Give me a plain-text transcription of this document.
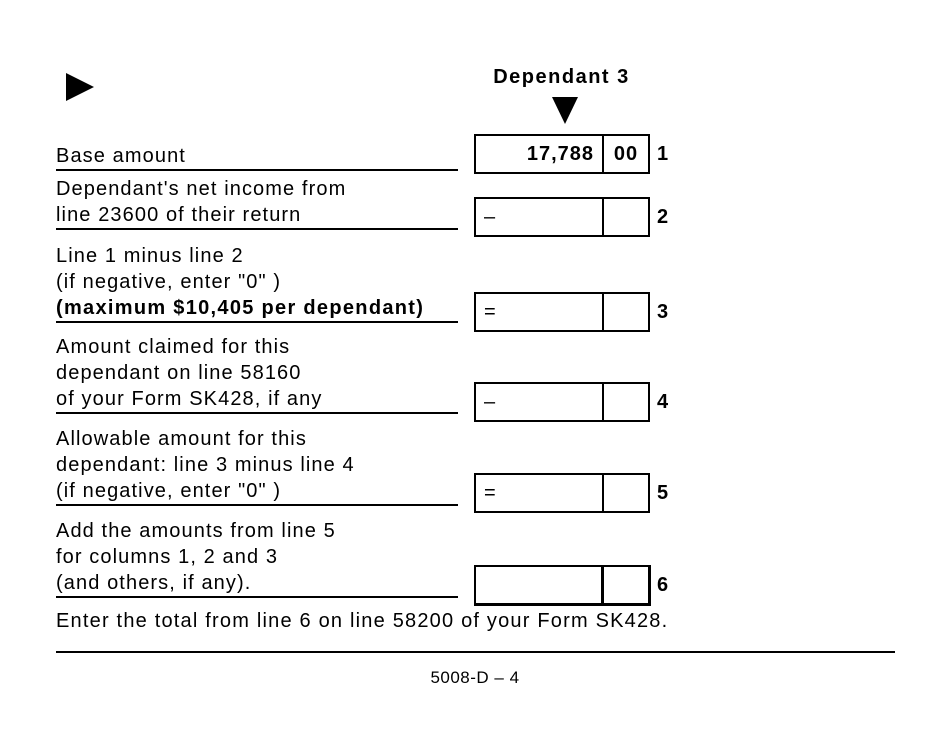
Dependant 3
Base amount	17,788 00 1
Dependant's net income from
line 23600 of their return	–	2
Line 1 minus line 2
(if negative, enter "0" )
(maximum $10,405 per dependant)	=	3
Amount claimed for this
dependant on line 58160
of your Form SK428, if any	–	4
Allowable amount for this
dependant: line 3 minus line 4
(if negative, enter "0" )	=	5
Add the amounts from line 5
for columns 1, 2 and 3
(and others, if any).	6
Enter the total from line 6 on line 58200 of your Form SK428.
5008-D – 4
